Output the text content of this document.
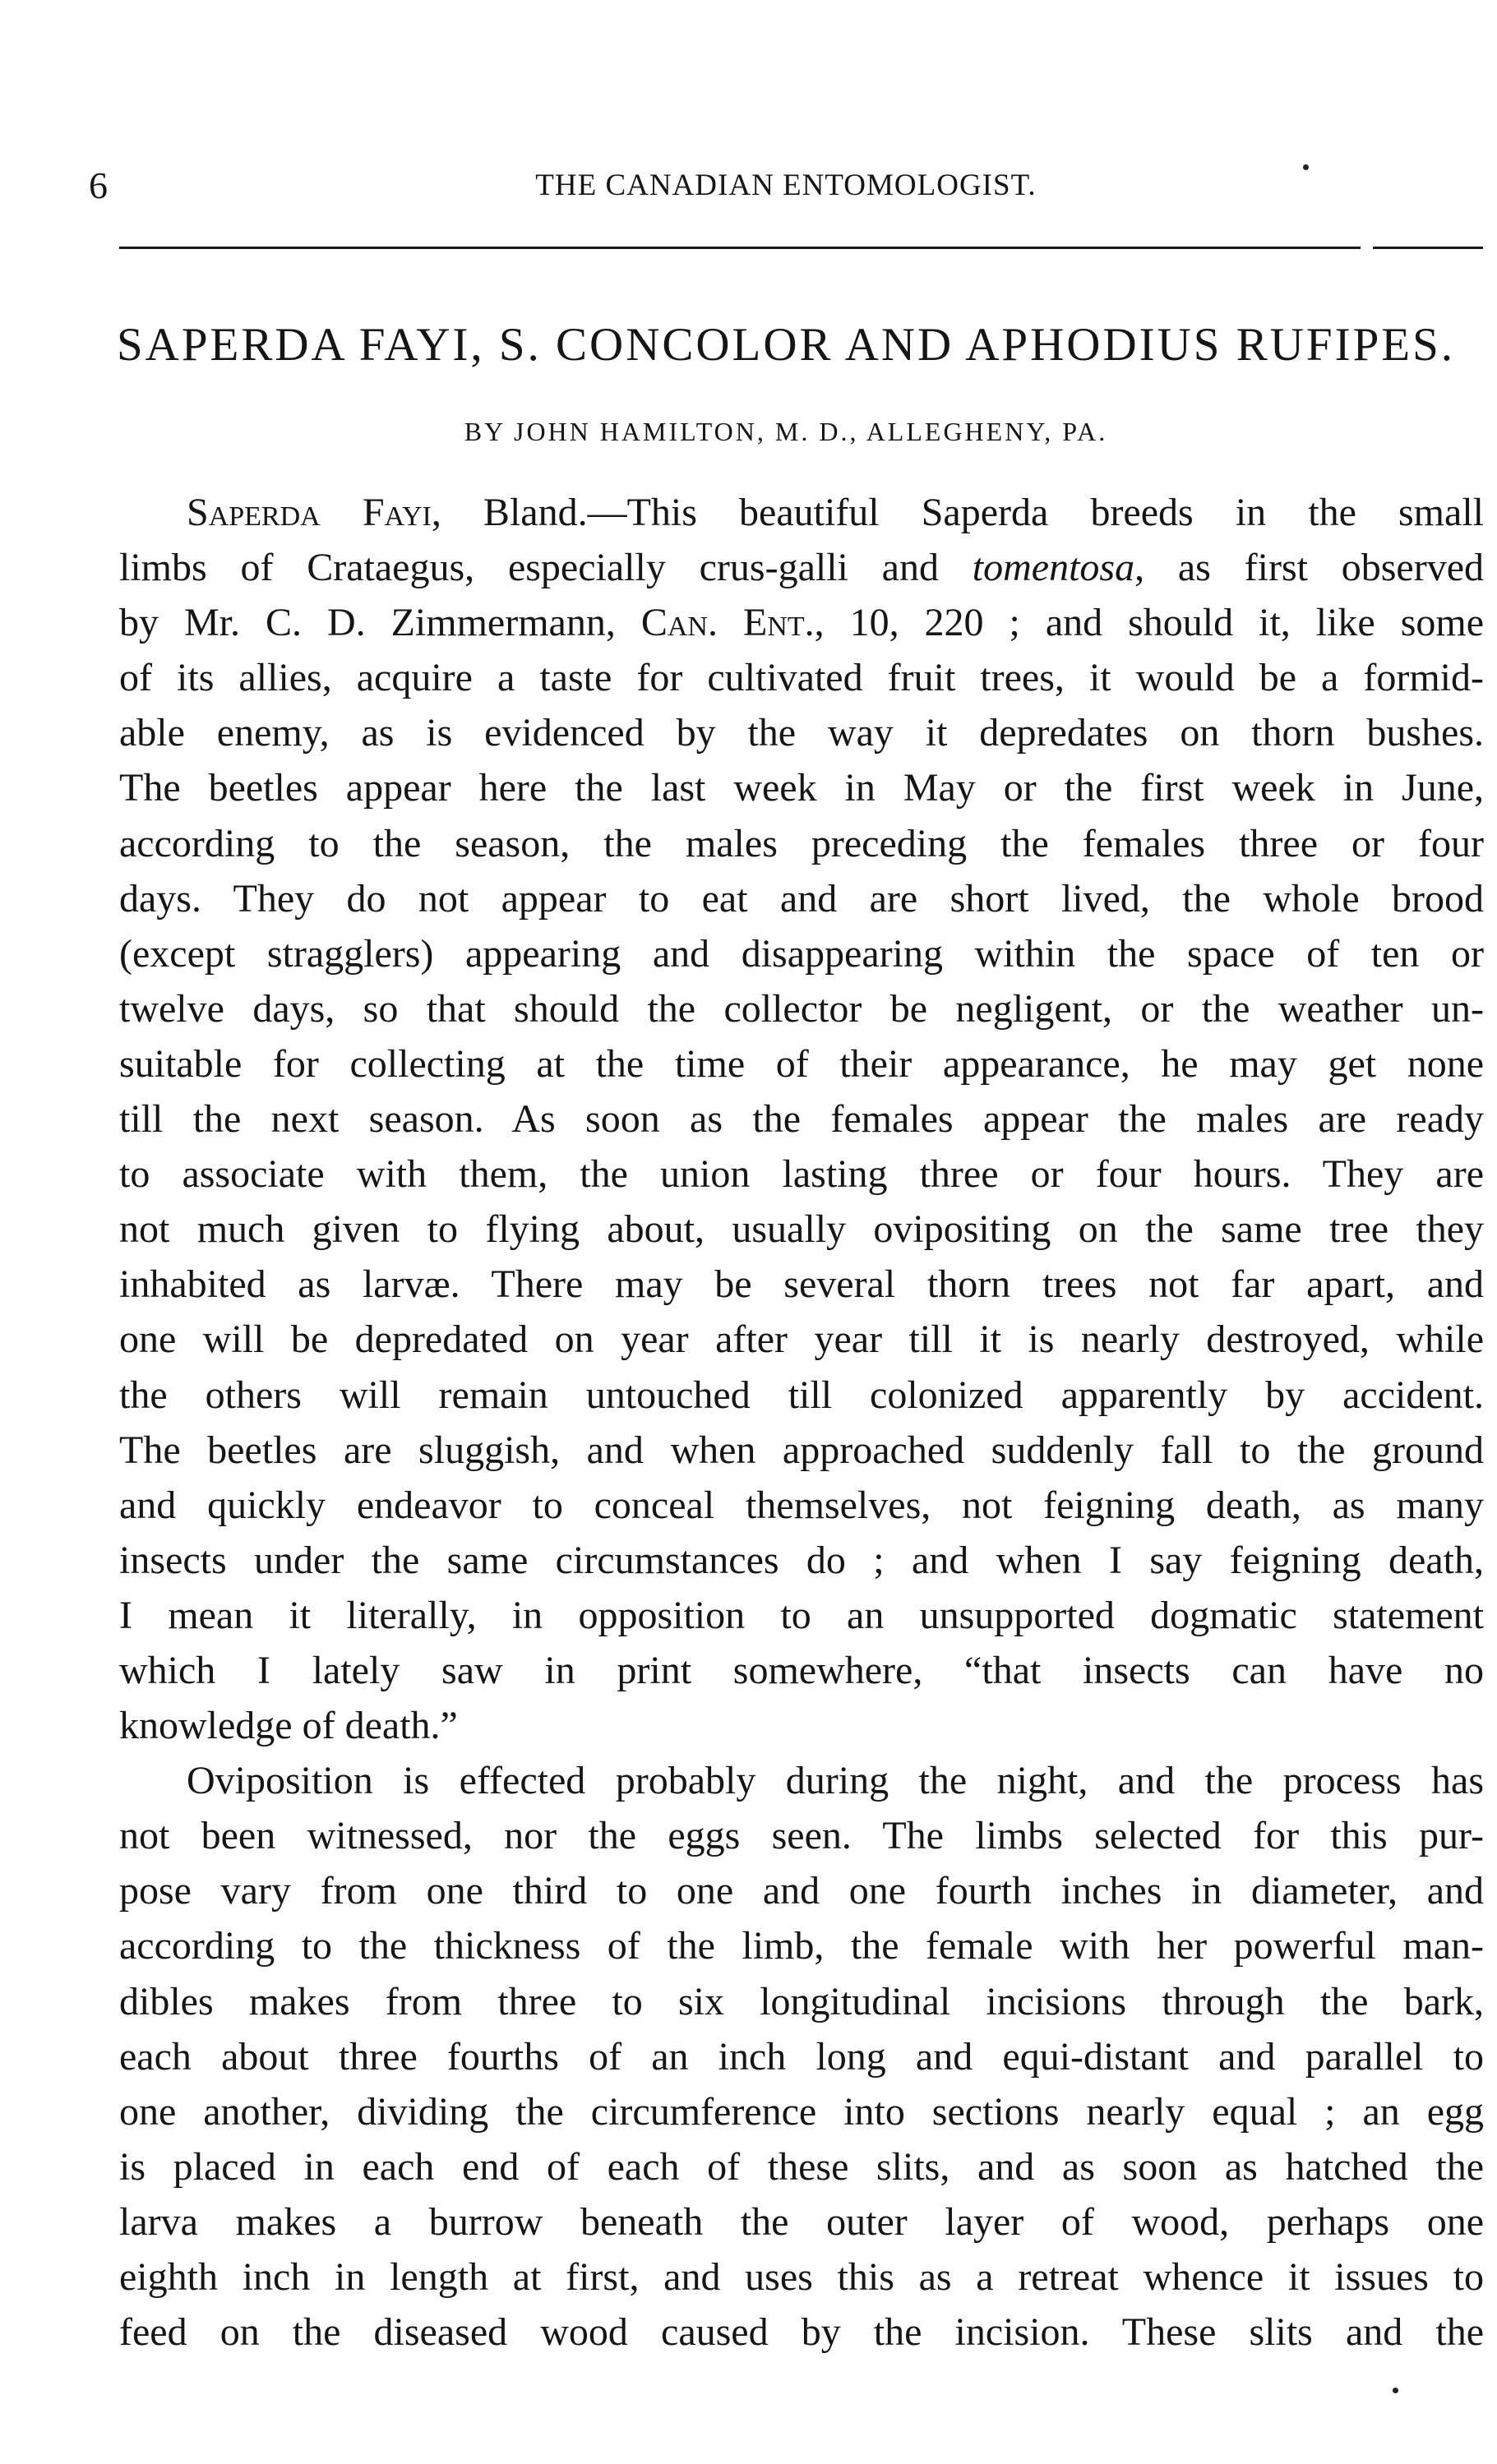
6	THE CANADIAN ENTOMOLOGIST.
SAPERDA FAYI, S. CONCOLOR AND APHODIUS RUFIPES.
BY JOHN HAMILTON, M. D., ALLEGHENY, PA.
Saperda Fayi, Bland.—This beautiful Saperda breeds in the small
limbs of Crataegus, especially crus-galli and tomentosa, as first observed
by Mr. C. D. Zimmermann, Can. Ent., 10, 220 ; and should it, like some
of its allies, acquire a taste for cultivated fruit trees, it would be a formid-
able enemy, as is evidenced by the way it depredates on thorn bushes.
The beetles appear here the last week in May or the first week in June,
according to the season, the males preceding the females three or four
days. They do not appear to eat and are short lived, the whole brood
(except stragglers) appearing and disappearing within the space of ten or
twelve days, so that should the collector be negligent, or the weather un-
suitable for collecting at the time of their appearance, he may get none
till the next season. As soon as the females appear the males are ready
to associate with them, the union lasting three or four hours. They are
not much given to flying about, usually ovipositing on the same tree they
inhabited as larvæ. There may be several thorn trees not far apart, and
one will be depredated on year after year till it is nearly destroyed, while
the others will remain untouched till colonized apparently by accident.
The beetles are sluggish, and when approached suddenly fall to the ground
and quickly endeavor to conceal themselves, not feigning death, as many
insects under the same circumstances do ; and when I say feigning death,
I mean it literally, in opposition to an unsupported dogmatic statement
which I lately saw in print somewhere, “that insects can have no
knowledge of death.”
Oviposition is effected probably during the night, and the process has
not been witnessed, nor the eggs seen. The limbs selected for this pur-
pose vary from one third to one and one fourth inches in diameter, and
according to the thickness of the limb, the female with her powerful man-
dibles makes from three to six longitudinal incisions through the bark,
each about three fourths of an inch long and equi-distant and parallel to
one another, dividing the circumference into sections nearly equal ; an egg
is placed in each end of each of these slits, and as soon as hatched the
larva makes a burrow beneath the outer layer of wood, perhaps one
eighth inch in length at first, and uses this as a retreat whence it issues to
feed on the diseased wood caused by the incision. These slits and the
